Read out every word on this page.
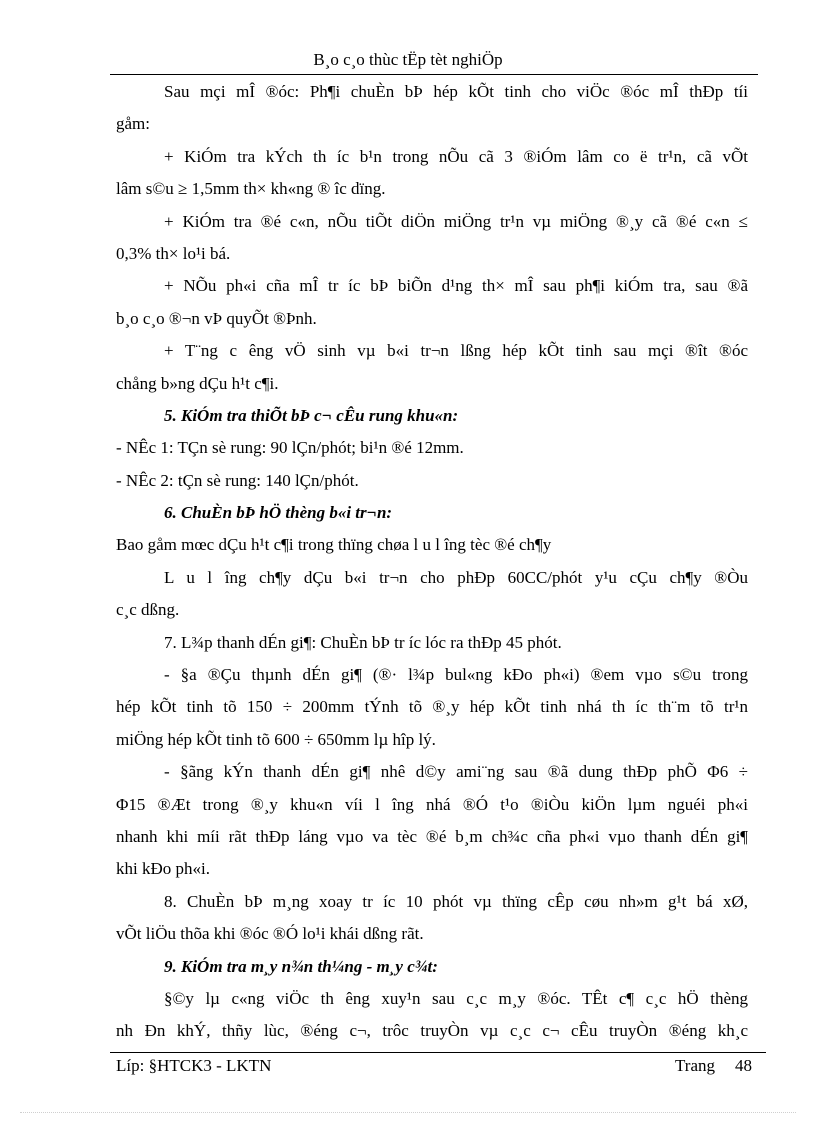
B¸o c¸o thùc tËp tèt nghiÖp
Sau mçi mÎ ®óc: Ph¶i chuÈn bÞ hép kÕt tinh cho viÖc ®óc mÎ thÐp tíi
gåm:
+ KiÓm tra kÝch th íc b¹n trong nÕu cã 3 ®iÓm lâm co ë tr¹n, cã vÕt
lâm s©u ≥ 1,5mm th× kh«ng ® îc dïng.
+ KiÓm tra ®é c«n, nÕu tiÕt diÖn miÖng tr¹n vµ miÖng ®¸y cã ®é c«n ≤
0,3% th× lo¹i bá.
+ NÕu ph«i cña mÎ tr íc bÞ biÕn d¹ng th× mÎ sau ph¶i kiÓm tra, sau ®ã
b¸o c¸o ®¬n vÞ quyÕt ®Þnh.
+ T¨ng c êng vÖ sinh vµ b«i tr¬n lßng hép kÕt tinh sau mçi ®ît ®óc
chång b»ng dÇu h¹t c¶i.
5. KiÓm tra thiÕt bÞ c¬ cÊu rung khu«n:
- NÊc 1: TÇn sè rung: 90 lÇn/phót; bi¹n ®é 12mm.
- NÊc 2: tÇn sè rung: 140 lÇn/phót.
6. ChuÈn bÞ hÖ thèng b«i tr¬n:
Bao gåm mœc dÇu h¹t c¶i trong thïng chøa l u l îng tèc ®é ch¶y
L u l îng ch¶y dÇu b«i tr¬n cho phÐp 60CC/phót y¹u cÇu ch¶y ®Òu
c¸c dßng.
7. L¾p thanh dÉn gi¶: ChuÈn bÞ tr íc lóc ra thÐp 45 phót.
- §a ®Çu thµnh dÉn gi¶ (®· l¾p bul«ng kÐo ph«i) ®em vµo s©u trong
hép kÕt tinh tõ 150 ÷ 200mm tÝnh tõ ®¸y hép kÕt tinh nhá th íc th¨m tõ tr¹n
miÖng hép kÕt tinh tõ 600 ÷ 650mm lµ hîp lý.
- §ãng kÝn thanh dÉn gi¶ nhê d©y ami¨ng sau ®ã dung thÐp phÕ Φ6 ÷
Φ15 ®Æt trong ®¸y khu«n víi l îng nhá ®Ó t¹o ®iÒu kiÖn lµm nguéi ph«i
nhanh khi míi rãt thÐp láng vµo va tèc ®é b¸m ch¾c cña ph«i vµo thanh dÉn gi¶
khi kÐo ph«i.
8. ChuÈn bÞ m¸ng xoay tr íc 10 phót vµ thïng cÊp cøu nh»m g¹t bá xØ,
vÕt liÖu thõa khi ®óc ®Ó lo¹i khái dßng rãt.
9. KiÓm tra m¸y n¾n th¼ng - m¸y c¾t:
§©y lµ c«ng viÖc th êng xuy¹n sau c¸c m¸y ®óc. TÊt c¶ c¸c hÖ thèng
nh Ðn khÝ, thñy lùc, ®éng c¬, trôc truyÒn vµ c¸c c¬ cÊu truyÒn ®éng kh¸c
Líp: §HTCK3 - LKTN	Trang 48
